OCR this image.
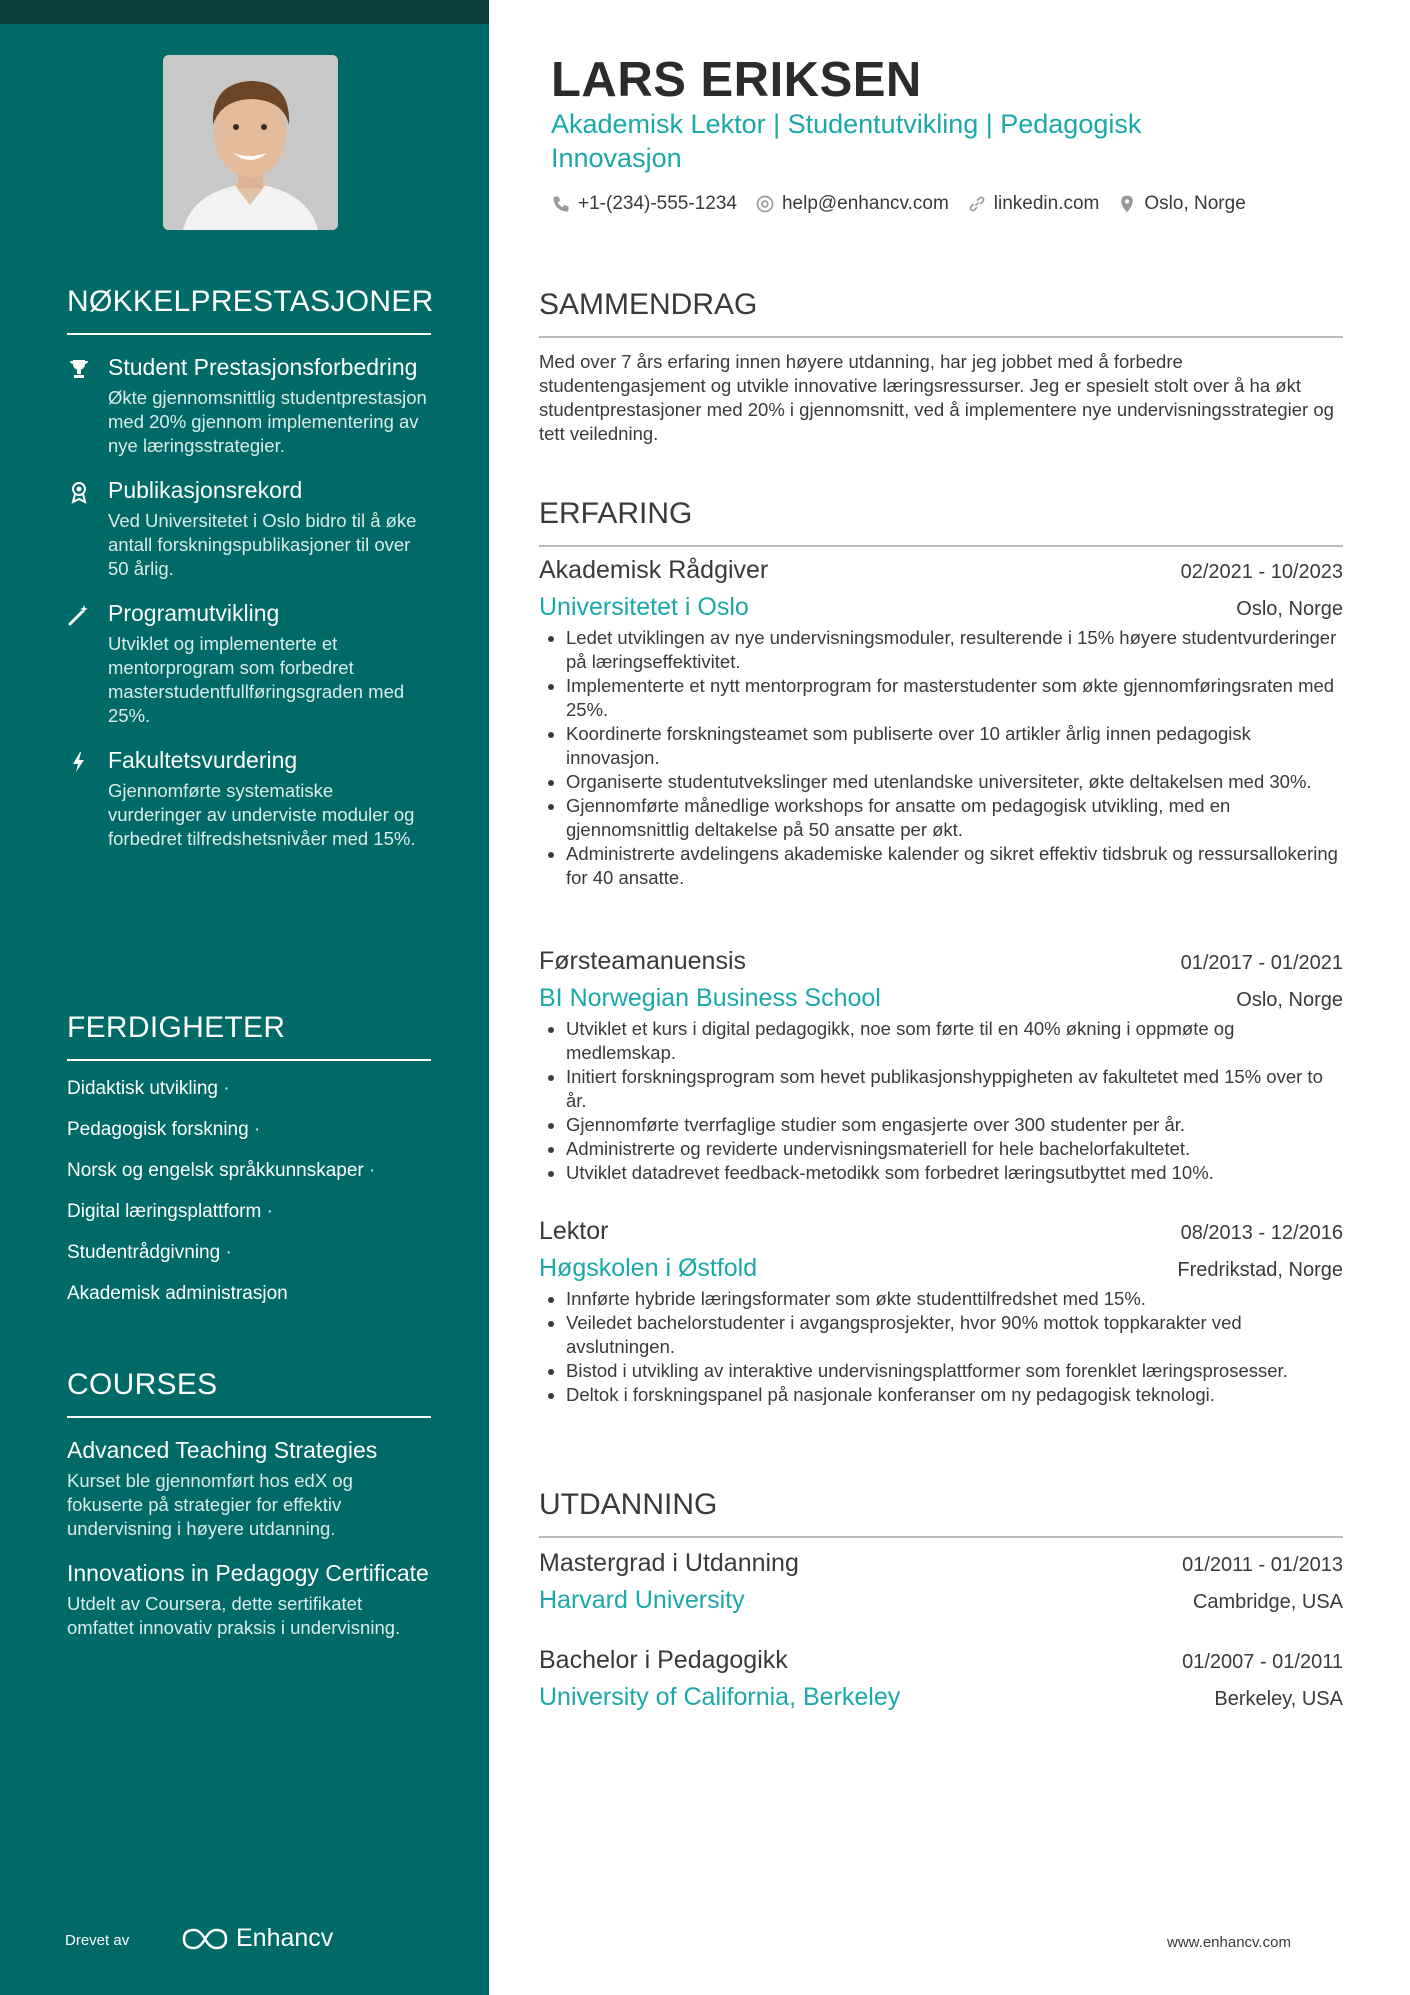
NØKKELPRESTASJONER
Student Prestasjonsforbedring
Økte gjennomsnittlig studentprestasjon med 20% gjennom implementering av nye læringsstrategier.
Publikasjonsrekord
Ved Universitetet i Oslo bidro til å øke antall forskningspublikasjoner til over 50 årlig.
Programutvikling
Utviklet og implementerte et mentorprogram som forbedret masterstudentfullføringsgraden med 25%.
Fakultetsvurdering
Gjennomførte systematiske vurderinger av underviste moduler og forbedret tilfredshetsnivåer med 15%.
FERDIGHETER
Didaktisk utvikling ·
Pedagogisk forskning ·
Norsk og engelsk språkkunnskaper ·
Digital læringsplattform ·
Studentrådgivning ·
Akademisk administrasjon
COURSES
Advanced Teaching Strategies
Kurset ble gjennomført hos edX og fokuserte på strategier for effektiv undervisning i høyere utdanning.
Innovations in Pedagogy Certificate
Utdelt av Coursera, dette sertifikatet omfattet innovativ praksis i undervisning.
Drevet av	Enhancv
LARS ERIKSEN
Akademisk Lektor | Studentutvikling | Pedagogisk Innovasjon
+1-(234)-555-1234 help@enhancv.com linkedin.com Oslo, Norge
SAMMENDRAG
Med over 7 års erfaring innen høyere utdanning, har jeg jobbet med å forbedre studentengasjement og utvikle innovative læringsressurser. Jeg er spesielt stolt over å ha økt studentprestasjoner med 20% i gjennomsnitt, ved å implementere nye undervisningsstrategier og tett veiledning.
ERFARING
Akademisk Rådgiver	02/2021 - 10/2023
Universitetet i Oslo	Oslo, Norge
• Ledet utviklingen av nye undervisningsmoduler, resulterende i 15% høyere studentvurderinger på læringseffektivitet.
• Implementerte et nytt mentorprogram for masterstudenter som økte gjennomføringsraten med 25%.
• Koordinerte forskningsteamet som publiserte over 10 artikler årlig innen pedagogisk innovasjon.
• Organiserte studentutvekslinger med utenlandske universiteter, økte deltakelsen med 30%.
• Gjennomførte månedlige workshops for ansatte om pedagogisk utvikling, med en gjennomsnittlig deltakelse på 50 ansatte per økt.
• Administrerte avdelingens akademiske kalender og sikret effektiv tidsbruk og ressursallokering for 40 ansatte.
Førsteamanuensis	01/2017 - 01/2021
BI Norwegian Business School	Oslo, Norge
• Utviklet et kurs i digital pedagogikk, noe som førte til en 40% økning i oppmøte og medlemskap.
• Initiert forskningsprogram som hevet publikasjonshyppigheten av fakultetet med 15% over to år.
• Gjennomførte tverrfaglige studier som engasjerte over 300 studenter per år.
• Administrerte og reviderte undervisningsmateriell for hele bachelorfakultetet.
• Utviklet datadrevet feedback-metodikk som forbedret læringsutbyttet med 10%.
Lektor	08/2013 - 12/2016
Høgskolen i Østfold	Fredrikstad, Norge
• Innførte hybride læringsformater som økte studenttilfredshet med 15%.
• Veiledet bachelorstudenter i avgangsprosjekter, hvor 90% mottok toppkarakter ved avslutningen.
• Bistod i utvikling av interaktive undervisningsplattformer som forenklet læringsprosesser.
• Deltok i forskningspanel på nasjonale konferanser om ny pedagogisk teknologi.
UTDANNING
Mastergrad i Utdanning	01/2011 - 01/2013
Harvard University	Cambridge, USA
Bachelor i Pedagogikk	01/2007 - 01/2011
University of California, Berkeley	Berkeley, USA
www.enhancv.com
